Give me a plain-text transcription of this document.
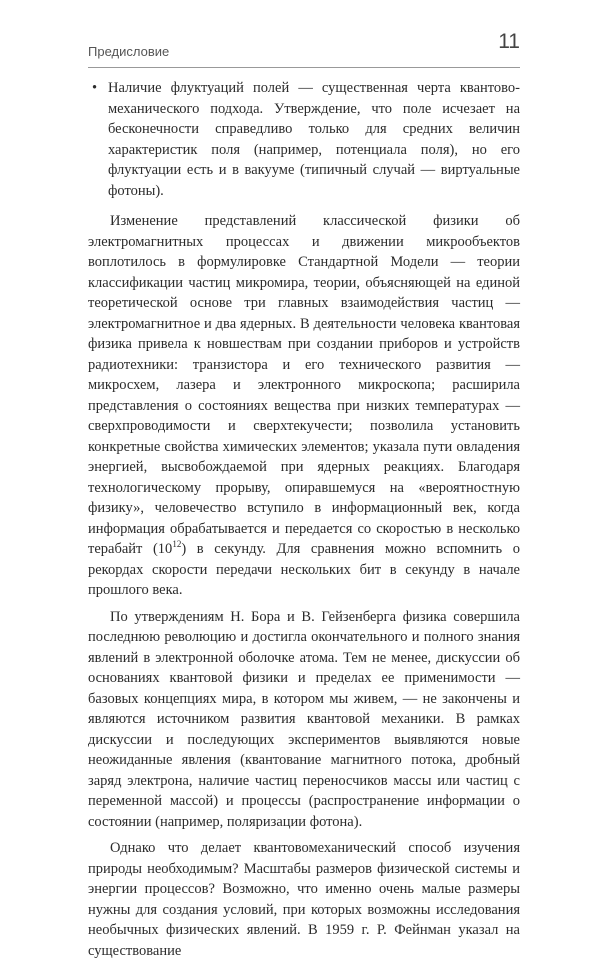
Предисловие	11
• Наличие флуктуаций полей — существенная черта квантово-механического подхода. Утверждение, что поле исчезает на бесконечности справедливо только для средних величин характеристик поля (например, потенциала поля), но его флуктуации есть и в вакууме (типичный случай — виртуальные фотоны).

Изменение представлений классической физики об электромагнитных процессах и движении микрообъектов воплотилось в формулировке Стандартной Модели — теории классификации частиц микромира, теории, объясняющей на единой теоретической основе три главных взаимодействия частиц — электромагнитное и два ядерных. В деятельности человека квантовая физика привела к новшествам при создании приборов и устройств радиотехники: транзистора и его технического развития — микросхем, лазера и электронного микроскопа; расширила представления о состояниях вещества при низких температурах — сверхпроводимости и сверхтекучести; позволила установить конкретные свойства химических элементов; указала пути овладения энергией, высвобождаемой при ядерных реакциях. Благодаря технологическому прорыву, опиравшемуся на «вероятностную физику», человечество вступило в информационный век, когда информация обрабатывается и передается со скоростью в несколько терабайт $(10^{12})$ в секунду. Для сравнения можно вспомнить о рекордах скорости передачи нескольких бит в секунду в начале прошлого века.

По утверждениям Н. Бора и В. Гейзенберга физика совершила последнюю революцию и достигла окончательного и полного знания явлений в электронной оболочке атома. Тем не менее, дискуссии об основаниях квантовой физики и пределах ее применимости — базовых концепциях мира, в котором мы живем, — не закончены и являются источником развития квантовой механики. В рамках дискуссии и последующих экспериментов выявляются новые неожиданные явления (квантование магнитного потока, дробный заряд электрона, наличие частиц переносчиков массы или частиц с переменной массой) и процессы (распространение информации о состоянии (например, поляризации фотона).

Однако что делает квантовомеханический способ изучения природы необходимым? Масштабы размеров физической системы и энергии процессов? Возможно, что именно очень малые размеры нужны для создания условий, при которых возможны исследования необычных физических явлений. В 1959 г. Р. Фейнман указал на существование
